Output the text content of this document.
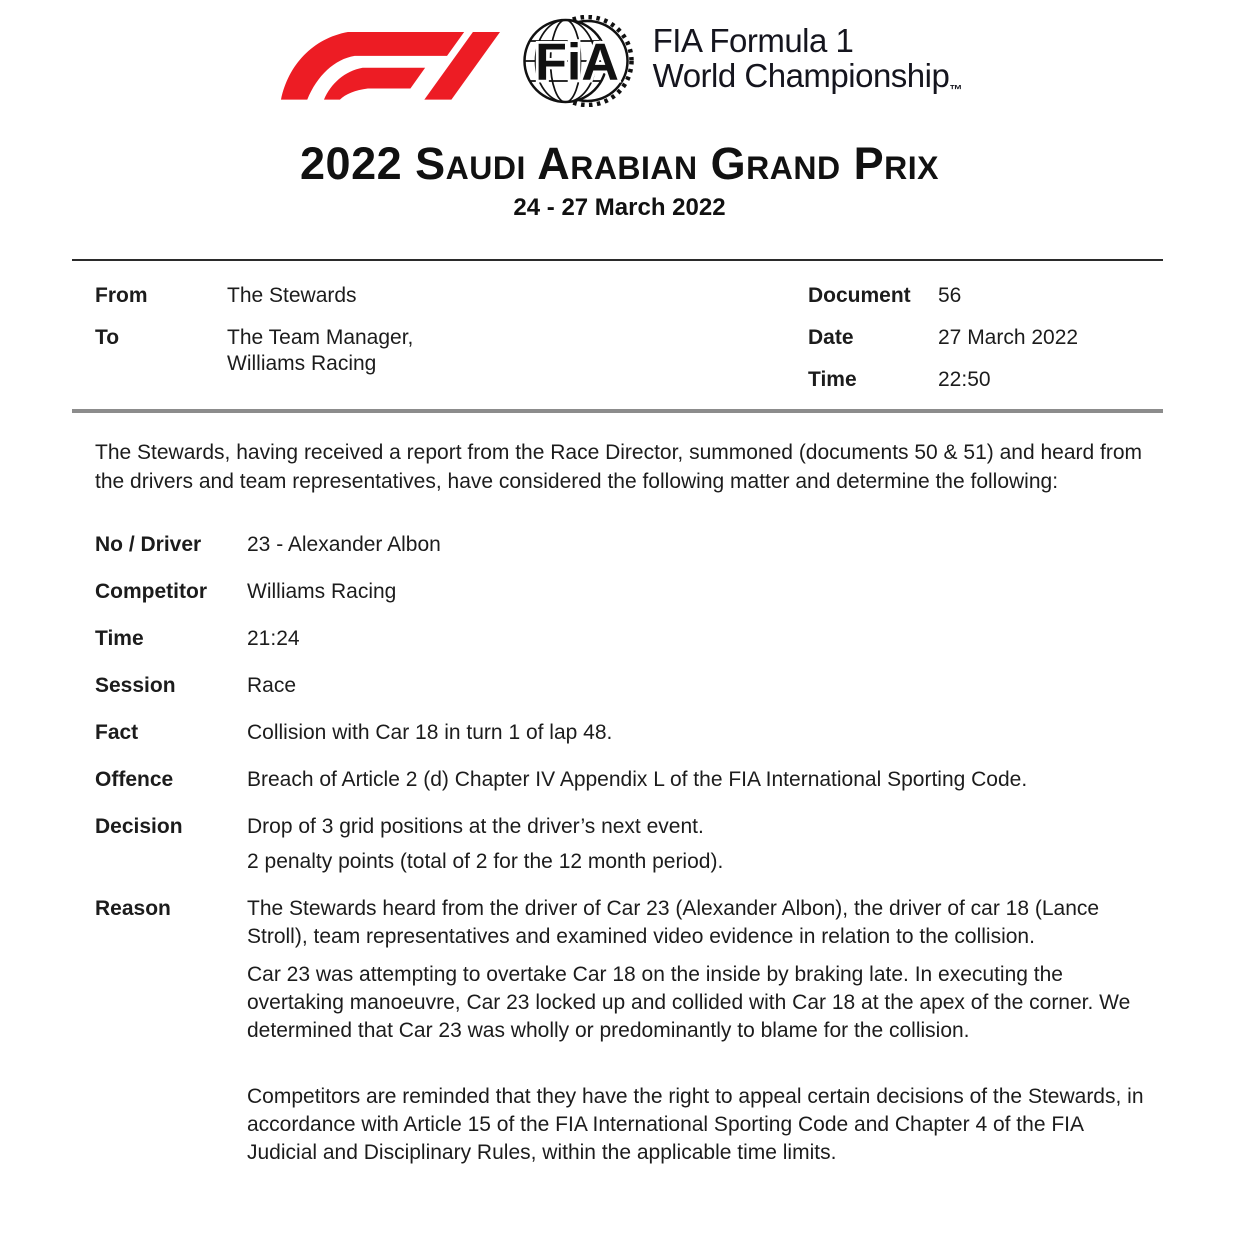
FiA FIA Formula 1
World Championship$_™$
2022 Saudi Arabian Grand Prix
24 - 27 March 2022
From	The Stewards
To	The Team Manager,
Williams Racing
Document	56
Date	27 March 2022
Time	22:50

The Stewards, having received a report from the Race Director, summoned (documents 50 & 51) and heard from the drivers and team representatives, have considered the following matter and determine the following:

No / Driver	23 - Alexander Albon
Competitor	Williams Racing
Time	21:24
Session	Race
Fact	Collision with Car 18 in turn 1 of lap 48.
Offence	Breach of Article 2 (d) Chapter IV Appendix L of the FIA International Sporting Code.
Decision	Drop of 3 grid positions at the driver’s next event.
2 penalty points (total of 2 for the 12 month period).
Reason	The Stewards heard from the driver of Car 23 (Alexander Albon), the driver of car 18 (Lance Stroll), team representatives and examined video evidence in relation to the collision.
Car 23 was attempting to overtake Car 18 on the inside by braking late. In executing the overtaking manoeuvre, Car 23 locked up and collided with Car 18 at the apex of the corner. We determined that Car 23 was wholly or predominantly to blame for the collision.
Competitors are reminded that they have the right to appeal certain decisions of the Stewards, in accordance with Article 15 of the FIA International Sporting Code and Chapter 4 of the FIA Judicial and Disciplinary Rules, within the applicable time limits.
